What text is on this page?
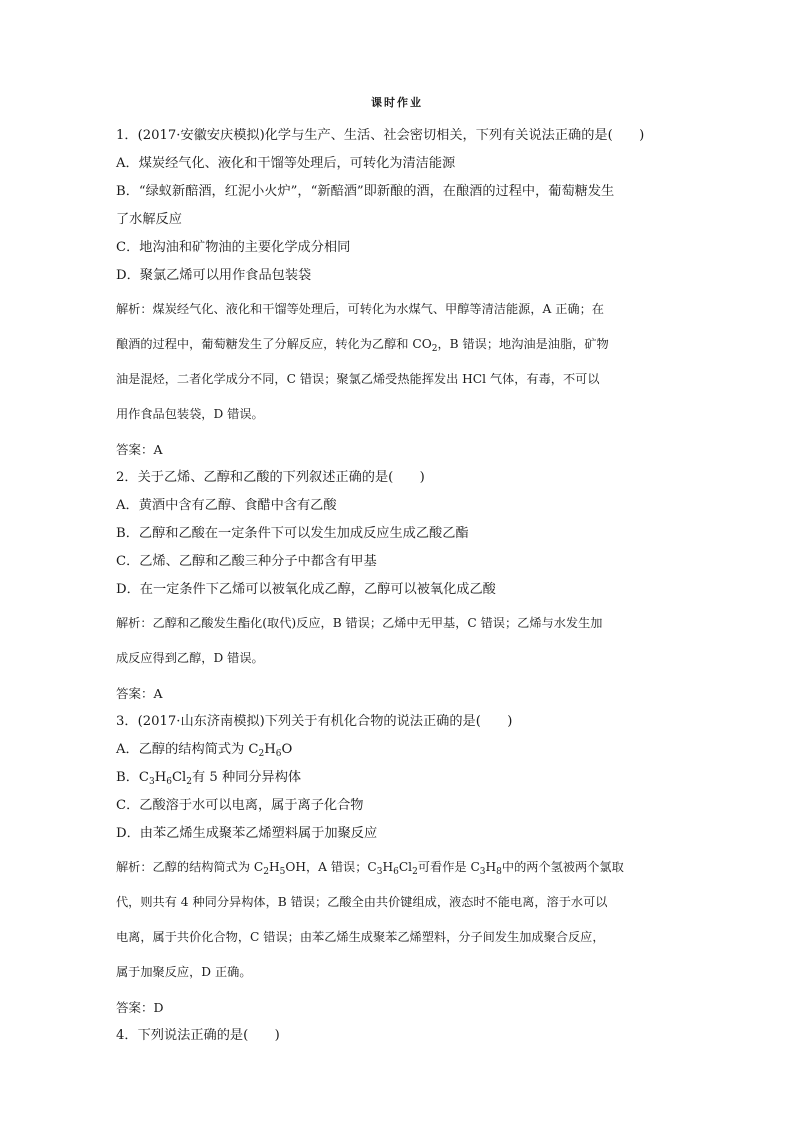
课时作业
1．(2017·安徽安庆模拟)化学与生产、生活、社会密切相关，下列有关说法正确的是(　　)
A．煤炭经气化、液化和干馏等处理后，可转化为清洁能源
B．“绿蚁新醅酒，红泥小火炉”，“新醅酒”即新酿的酒，在酿酒的过程中，葡萄糖发生
了水解反应
C．地沟油和矿物油的主要化学成分相同
D．聚氯乙烯可以用作食品包装袋
解析：煤炭经气化、液化和干馏等处理后，可转化为水煤气、甲醇等清洁能源，A 正确；在
酿酒的过程中，葡萄糖发生了分解反应，转化为乙醇和 $CO_2$，B 错误；地沟油是油脂，矿物
油是混烃，二者化学成分不同，C 错误；聚氯乙烯受热能挥发出 HCl 气体，有毒，不可以
用作食品包装袋，D 错误。
答案：A
2．关于乙烯、乙醇和乙酸的下列叙述正确的是(　　)
A．黄酒中含有乙醇、食醋中含有乙酸
B．乙醇和乙酸在一定条件下可以发生加成反应生成乙酸乙酯
C．乙烯、乙醇和乙酸三种分子中都含有甲基
D．在一定条件下乙烯可以被氧化成乙醇，乙醇可以被氧化成乙酸
解析：乙醇和乙酸发生酯化(取代)反应，B 错误；乙烯中无甲基，C 错误；乙烯与水发生加
成反应得到乙醇，D 错误。
答案：A
3．(2017·山东济南模拟)下列关于有机化合物的说法正确的是(　　)
A．乙醇的结构简式为 $C_2H_6O$
B．$C_3H_6Cl_2$有 5 种同分异构体
C．乙酸溶于水可以电离，属于离子化合物
D．由苯乙烯生成聚苯乙烯塑料属于加聚反应
解析：乙醇的结构简式为 $C_2H_5OH$，A 错误；$C_3H_6Cl_2$可看作是 $C_3H_8$中的两个氢被两个氯取
代，则共有 4 种同分异构体，B 错误；乙酸全由共价键组成，液态时不能电离，溶于水可以
电离，属于共价化合物，C 错误；由苯乙烯生成聚苯乙烯塑料，分子间发生加成聚合反应，
属于加聚反应，D 正确。
答案：D
4．下列说法正确的是(　　)
